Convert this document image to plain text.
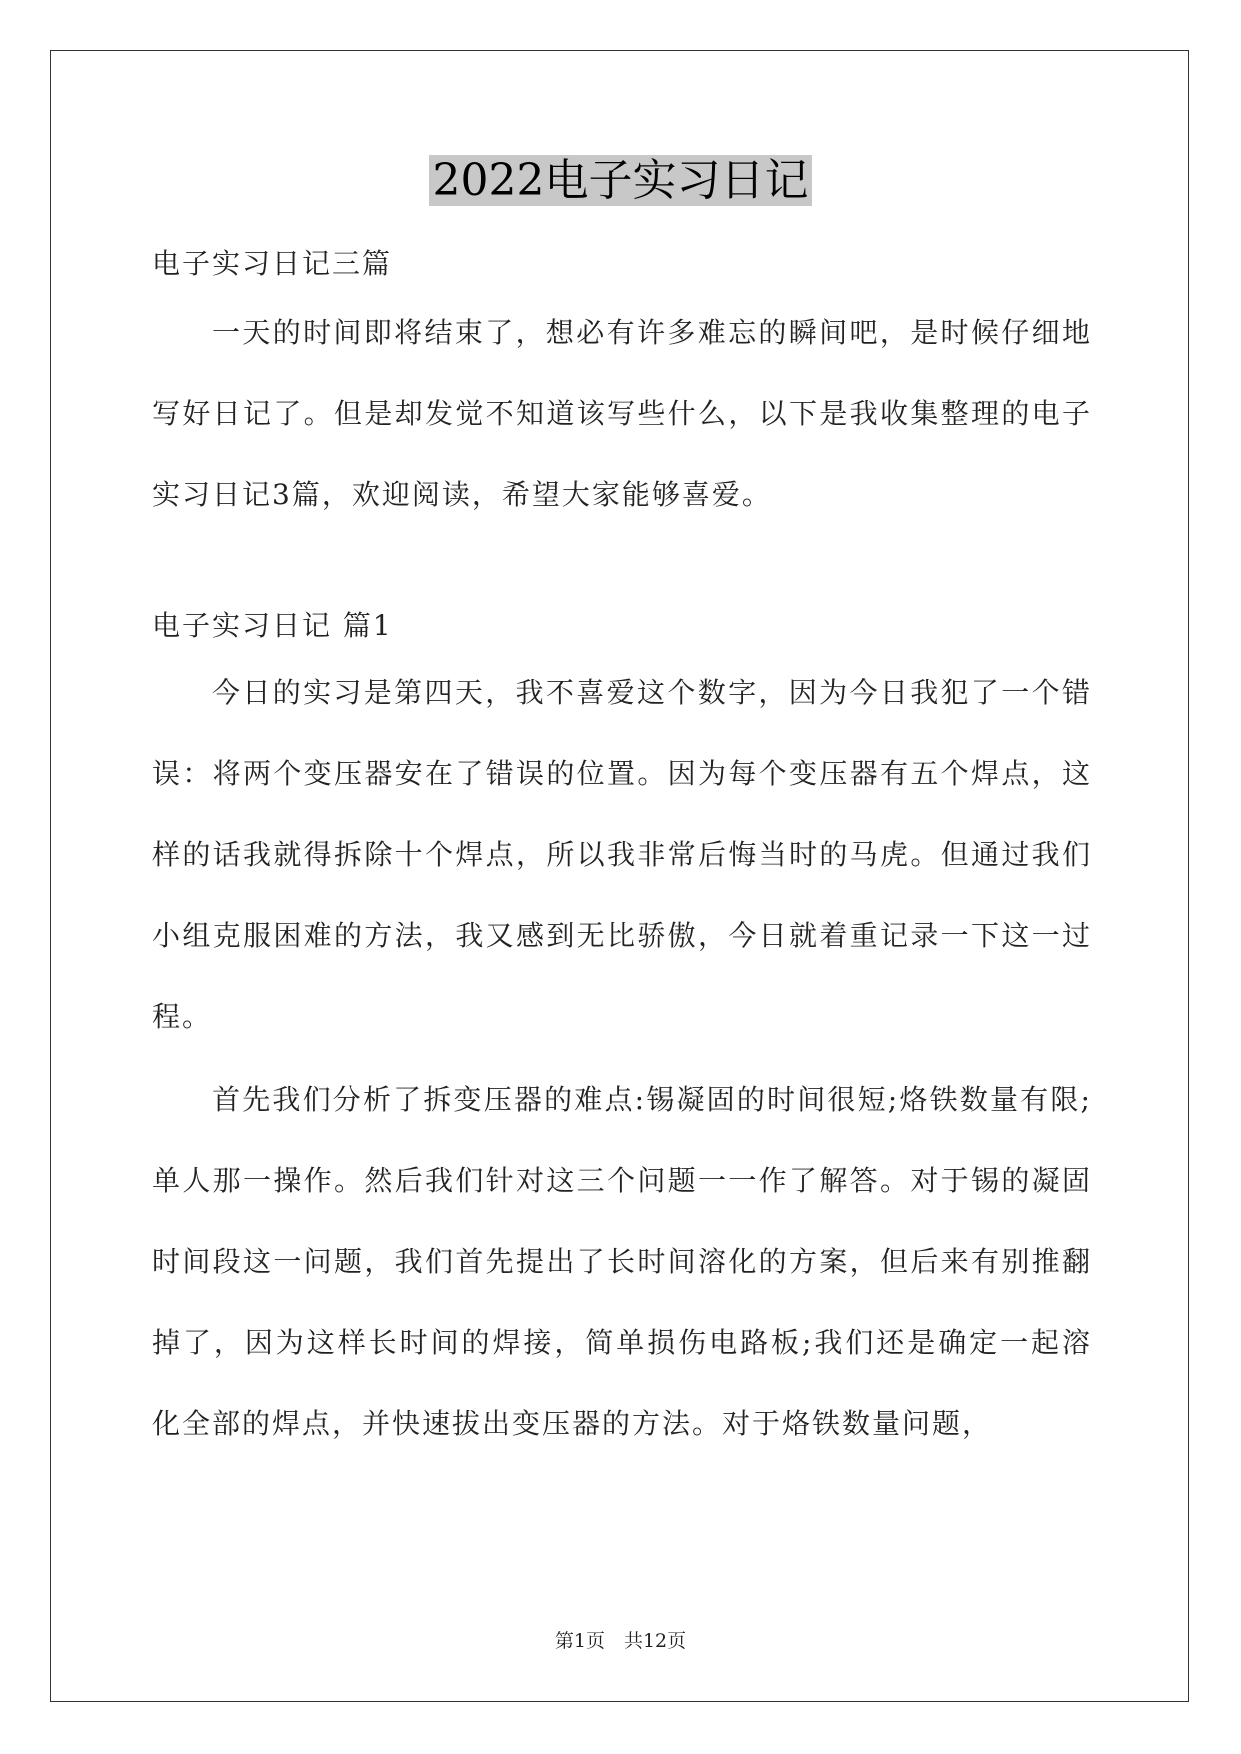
2022电子实习日记
电子实习日记三篇
一天的时间即将结束了，想必有许多难忘的瞬间吧，是时候仔细地写好日记了。但是却发觉不知道该写些什么，以下是我收集整理的电子实习日记3篇，欢迎阅读，希望大家能够喜爱。
电子实习日记 篇1
今日的实习是第四天，我不喜爱这个数字，因为今日我犯了一个错误：将两个变压器安在了错误的位置。因为每个变压器有五个焊点，这样的话我就得拆除十个焊点，所以我非常后悔当时的马虎。但通过我们小组克服困难的方法，我又感到无比骄傲，今日就着重记录一下这一过程。
首先我们分析了拆变压器的难点:锡凝固的时间很短;烙铁数量有限;单人那一操作。然后我们针对这三个问题一一作了解答。对于锡的凝固时间段这一问题，我们首先提出了长时间溶化的方案，但后来有别推翻掉了，因为这样长时间的焊接，简单损伤电路板;我们还是确定一起溶化全部的焊点，并快速拔出变压器的方法。对于烙铁数量问题，
第1页　共12页
